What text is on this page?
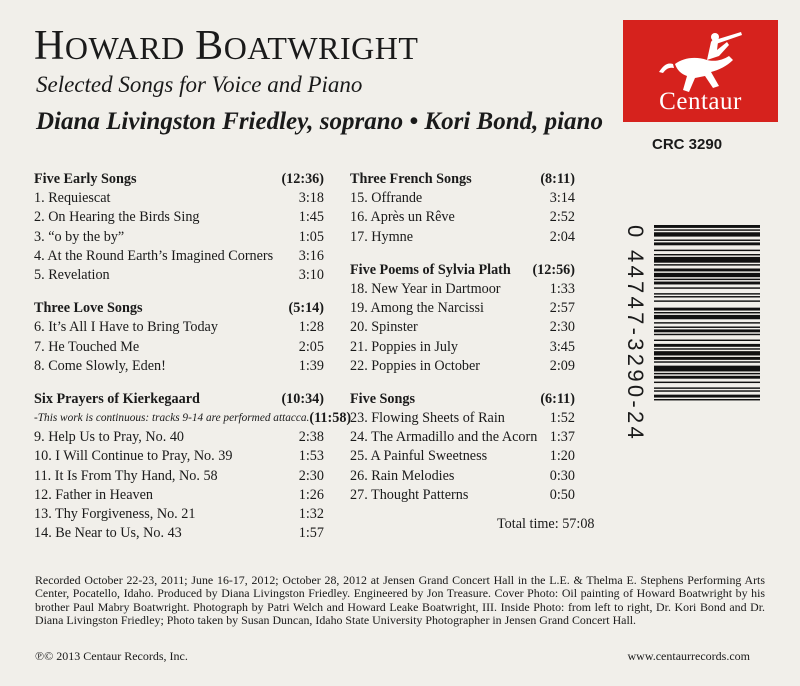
HOWARD BOATWRIGHT
Selected Songs for Voice and Piano
Diana Livingston Friedley, soprano • Kori Bond, piano
Centaur
CRC 3290
Five Early Songs	(12:36)
1. Requiescat	3:18
2. On Hearing the Birds Sing	1:45
3. “o by the by”	1:05
4. At the Round Earth’s Imagined Corners 3:16
5. Revelation	3:10
Three Love Songs	(5:14)
6. It’s All I Have to Bring Today	1:28
7. He Touched Me	2:05
8. Come Slowly, Eden!	1:39
Six Prayers of Kierkegaard	(10:34)
-This work is continuous: tracks 9-14 are performed attacca. (11:58)
9. Help Us to Pray, No. 40	2:38
10. I Will Continue to Pray, No. 39	1:53
11. It Is From Thy Hand, No. 58	2:30
12. Father in Heaven	1:26
13. Thy Forgiveness, No. 21	1:32
14. Be Near to Us, No. 43	1:57
Three French Songs	(8:11)
15. Offrande	3:14
16. Après un Rêve	2:52
17. Hymne	2:04
Five Poems of Sylvia Plath (12:56)
18. New Year in Dartmoor	1:33
19. Among the Narcissi	2:57
20. Spinster	2:30
21. Poppies in July	3:45
22. Poppies in October	2:09
Five Songs	(6:11)
23. Flowing Sheets of Rain	1:52
24. The Armadillo and the Acorn 1:37
25. A Painful Sweetness	1:20
26. Rain Melodies	0:30
27. Thought Patterns	0:50
Total time: 57:08
0 44747-3290-24
Recorded October 22-23, 2011; June 16-17, 2012; October 28, 2012 at Jensen Grand Concert Hall in the L.E. & Thelma E. Stephens Performing Arts Center, Pocatello, Idaho. Produced by Diana Livingston Friedley. Engineered by Jon Treasure. Cover Photo: Oil painting of Howard Boatwright by his brother Paul Mabry Boatwright. Photograph by Patri Welch and Howard Leake Boatwright, III. Inside Photo: from left to right, Dr. Kori Bond and Dr. Diana Livingston Friedley; Photo taken by Susan Duncan, Idaho State University Photographer in Jensen Grand Concert Hall.
℗© 2013 Centaur Records, Inc.	www.centaurrecords.com
